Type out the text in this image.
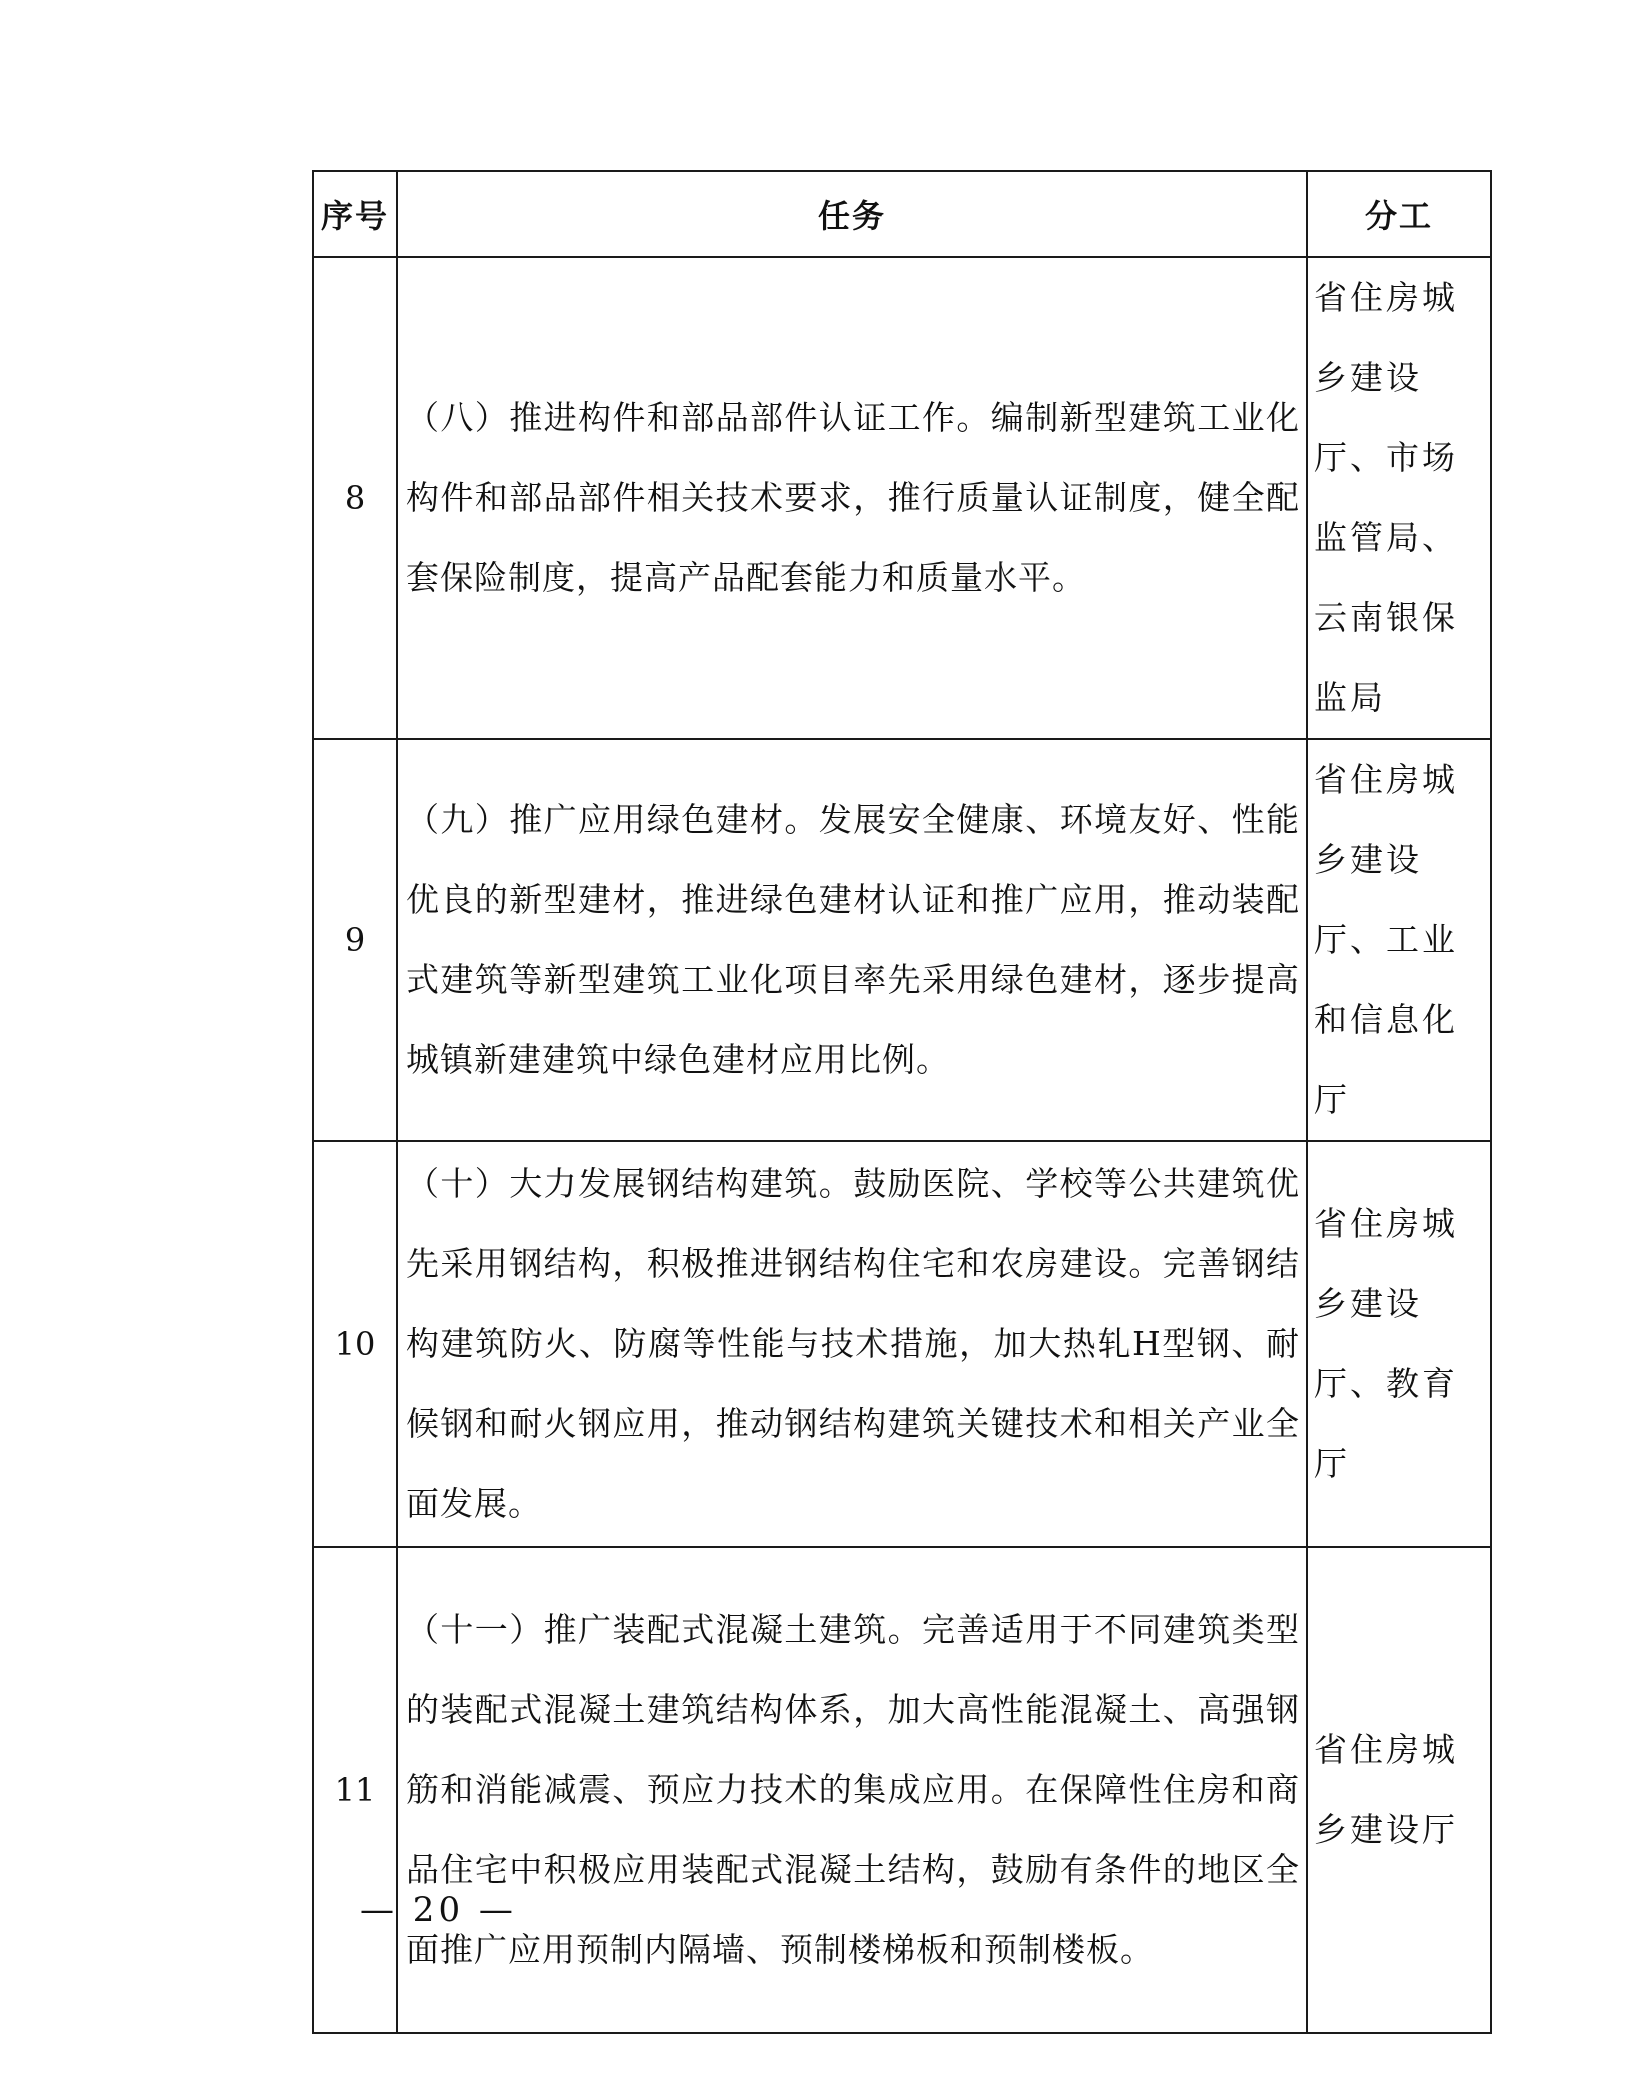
序号	任务	分工
8	（八）推进构件和部品部件认证工作。编制新型建筑工业化构件和部品部件相关技术要求，推行质量认证制度，健全配套保险制度，提高产品配套能力和质量水平。	省住房城乡建设厅、市场监管局、云南银保监局
9	（九）推广应用绿色建材。发展安全健康、环境友好、性能优良的新型建材，推进绿色建材认证和推广应用，推动装配式建筑等新型建筑工业化项目率先采用绿色建材，逐步提高城镇新建建筑中绿色建材应用比例。	省住房城乡建设厅、工业和信息化厅
10	（十）大力发展钢结构建筑。鼓励医院、学校等公共建筑优先采用钢结构，积极推进钢结构住宅和农房建设。完善钢结构建筑防火、防腐等性能与技术措施，加大热轧H型钢、耐候钢和耐火钢应用，推动钢结构建筑关键技术和相关产业全面发展。	省住房城乡建设厅、教育厅
11	（十一）推广装配式混凝土建筑。完善适用于不同建筑类型的装配式混凝土建筑结构体系，加大高性能混凝土、高强钢筋和消能减震、预应力技术的集成应用。在保障性住房和商品住宅中积极应用装配式混凝土结构，鼓励有条件的地区全面推广应用预制内隔墙、预制楼梯板和预制楼板。	省住房城乡建设厅
— 20 —
